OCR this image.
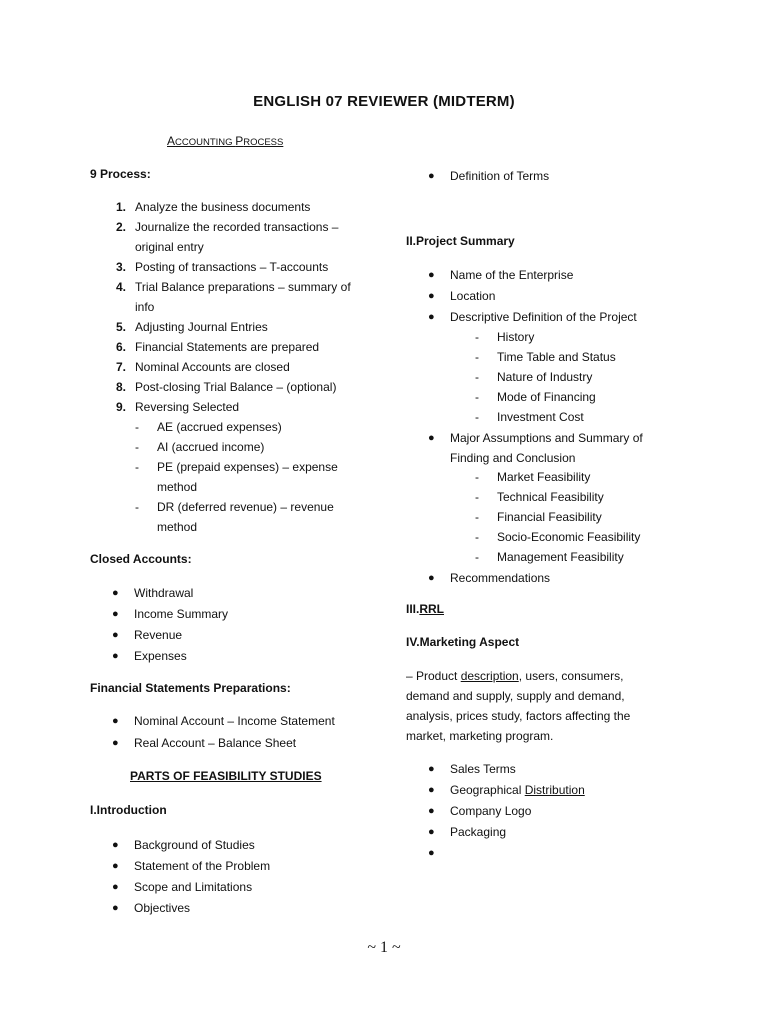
ENGLISH 07 REVIEWER (MIDTERM)
ACCOUNTING PROCESS
9 Process:
1. Analyze the business documents
2. Journalize the recorded transactions – original entry
3. Posting of transactions – T-accounts
4. Trial Balance preparations – summary of info
5. Adjusting Journal Entries
6. Financial Statements are prepared
7. Nominal Accounts are closed
8. Post-closing Trial Balance – (optional)
9. Reversing Selected
- AE (accrued expenses)
- AI (accrued income)
- PE (prepaid expenses) – expense method
- DR (deferred revenue) – revenue method
Closed Accounts:
● Withdrawal
● Income Summary
● Revenue
● Expenses
Financial Statements Preparations:
● Nominal Account – Income Statement
● Real Account – Balance Sheet
PARTS OF FEASIBILITY STUDIES
I.Introduction
● Background of Studies
● Statement of the Problem
● Scope and Limitations
● Objectives
● Definition of Terms
II.Project Summary
● Name of the Enterprise
● Location
● Descriptive Definition of the Project
- History
- Time Table and Status
- Nature of Industry
- Mode of Financing
- Investment Cost
● Major Assumptions and Summary of Finding and Conclusion
- Market Feasibility
- Technical Feasibility
- Financial Feasibility
- Socio-Economic Feasibility
- Management Feasibility
● Recommendations
III.RRL
IV.Marketing Aspect
– Product description, users, consumers, demand and supply, supply and demand, analysis, prices study, factors affecting the market, marketing program.
● Sales Terms
● Geographical Distribution
● Company Logo
● Packaging
●
~ 1 ~
